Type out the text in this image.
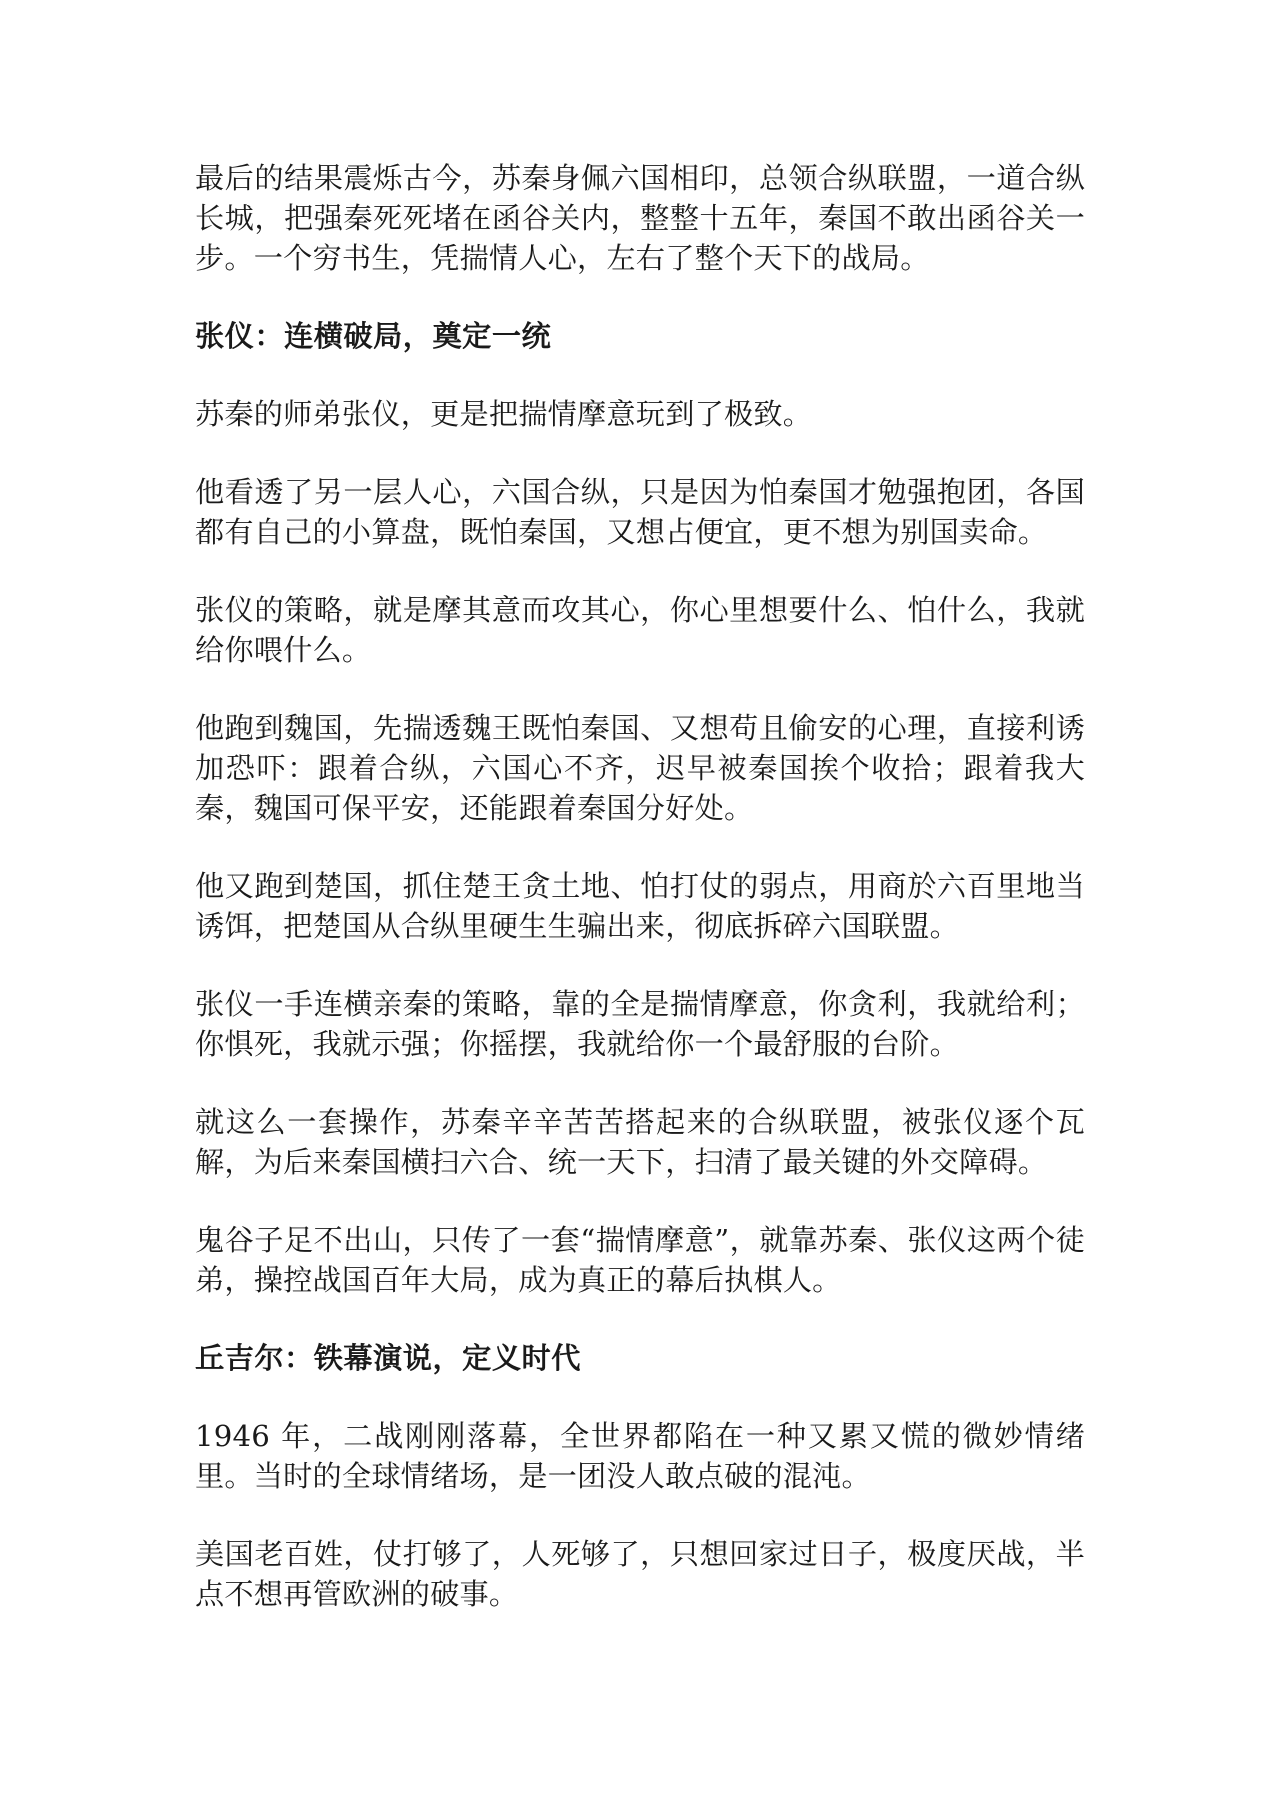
最后的结果震烁古今，苏秦身佩六国相印，总领合纵联盟，一道合纵长城，把强秦死死堵在函谷关内，整整十五年，秦国不敢出函谷关一步。一个穷书生，凭揣情人心，左右了整个天下的战局。

张仪：连横破局，奠定一统

苏秦的师弟张仪，更是把揣情摩意玩到了极致。

他看透了另一层人心，六国合纵，只是因为怕秦国才勉强抱团，各国都有自己的小算盘，既怕秦国，又想占便宜，更不想为别国卖命。

张仪的策略，就是摩其意而攻其心，你心里想要什么、怕什么，我就给你喂什么。

他跑到魏国，先揣透魏王既怕秦国、又想苟且偷安的心理，直接利诱加恐吓：跟着合纵，六国心不齐，迟早被秦国挨个收拾；跟着我大秦，魏国可保平安，还能跟着秦国分好处。

他又跑到楚国，抓住楚王贪土地、怕打仗的弱点，用商於六百里地当诱饵，把楚国从合纵里硬生生骗出来，彻底拆碎六国联盟。

张仪一手连横亲秦的策略，靠的全是揣情摩意，你贪利，我就给利；你惧死，我就示强；你摇摆，我就给你一个最舒服的台阶。

就这么一套操作，苏秦辛辛苦苦搭起来的合纵联盟，被张仪逐个瓦解，为后来秦国横扫六合、统一天下，扫清了最关键的外交障碍。

鬼谷子足不出山，只传了一套“揣情摩意”，就靠苏秦、张仪这两个徒弟，操控战国百年大局，成为真正的幕后执棋人。

丘吉尔：铁幕演说，定义时代

1946 年，二战刚刚落幕，全世界都陷在一种又累又慌的微妙情绪里。当时的全球情绪场，是一团没人敢点破的混沌。

美国老百姓，仗打够了，人死够了，只想回家过日子，极度厌战，半点不想再管欧洲的破事。
